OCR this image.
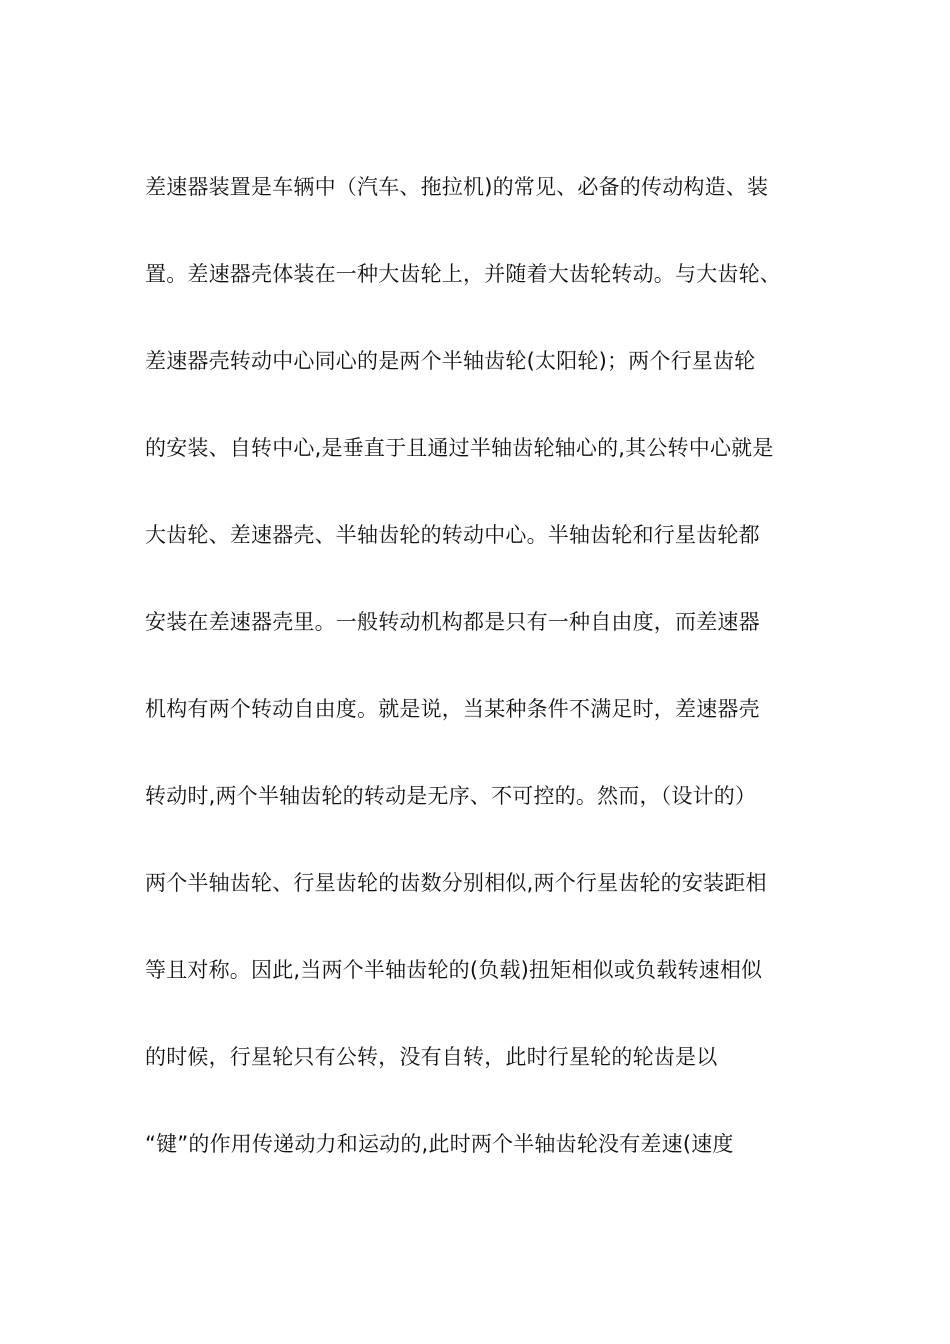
差速器装置是车辆中（汽车、拖拉机)的常见、必备的传动构造、装
置。差速器壳体装在一种大齿轮上，并随着大齿轮转动。与大齿轮、
差速器壳转动中心同心的是两个半轴齿轮(太阳轮)；两个行星齿轮
的安装、自转中心,是垂直于且通过半轴齿轮轴心的,其公转中心就是
大齿轮、差速器壳、半轴齿轮的转动中心。半轴齿轮和行星齿轮都
安装在差速器壳里。一般转动机构都是只有一种自由度，而差速器
机构有两个转动自由度。就是说，当某种条件不满足时，差速器壳
转动时,两个半轴齿轮的转动是无序、不可控的。然而，（设计的）
两个半轴齿轮、行星齿轮的齿数分别相似,两个行星齿轮的安装距相
等且对称。因此,当两个半轴齿轮的(负载)扭矩相似或负载转速相似
的时候，行星轮只有公转，没有自转，此时行星轮的轮齿是以
“键”的作用传递动力和运动的,此时两个半轴齿轮没有差速(速度
